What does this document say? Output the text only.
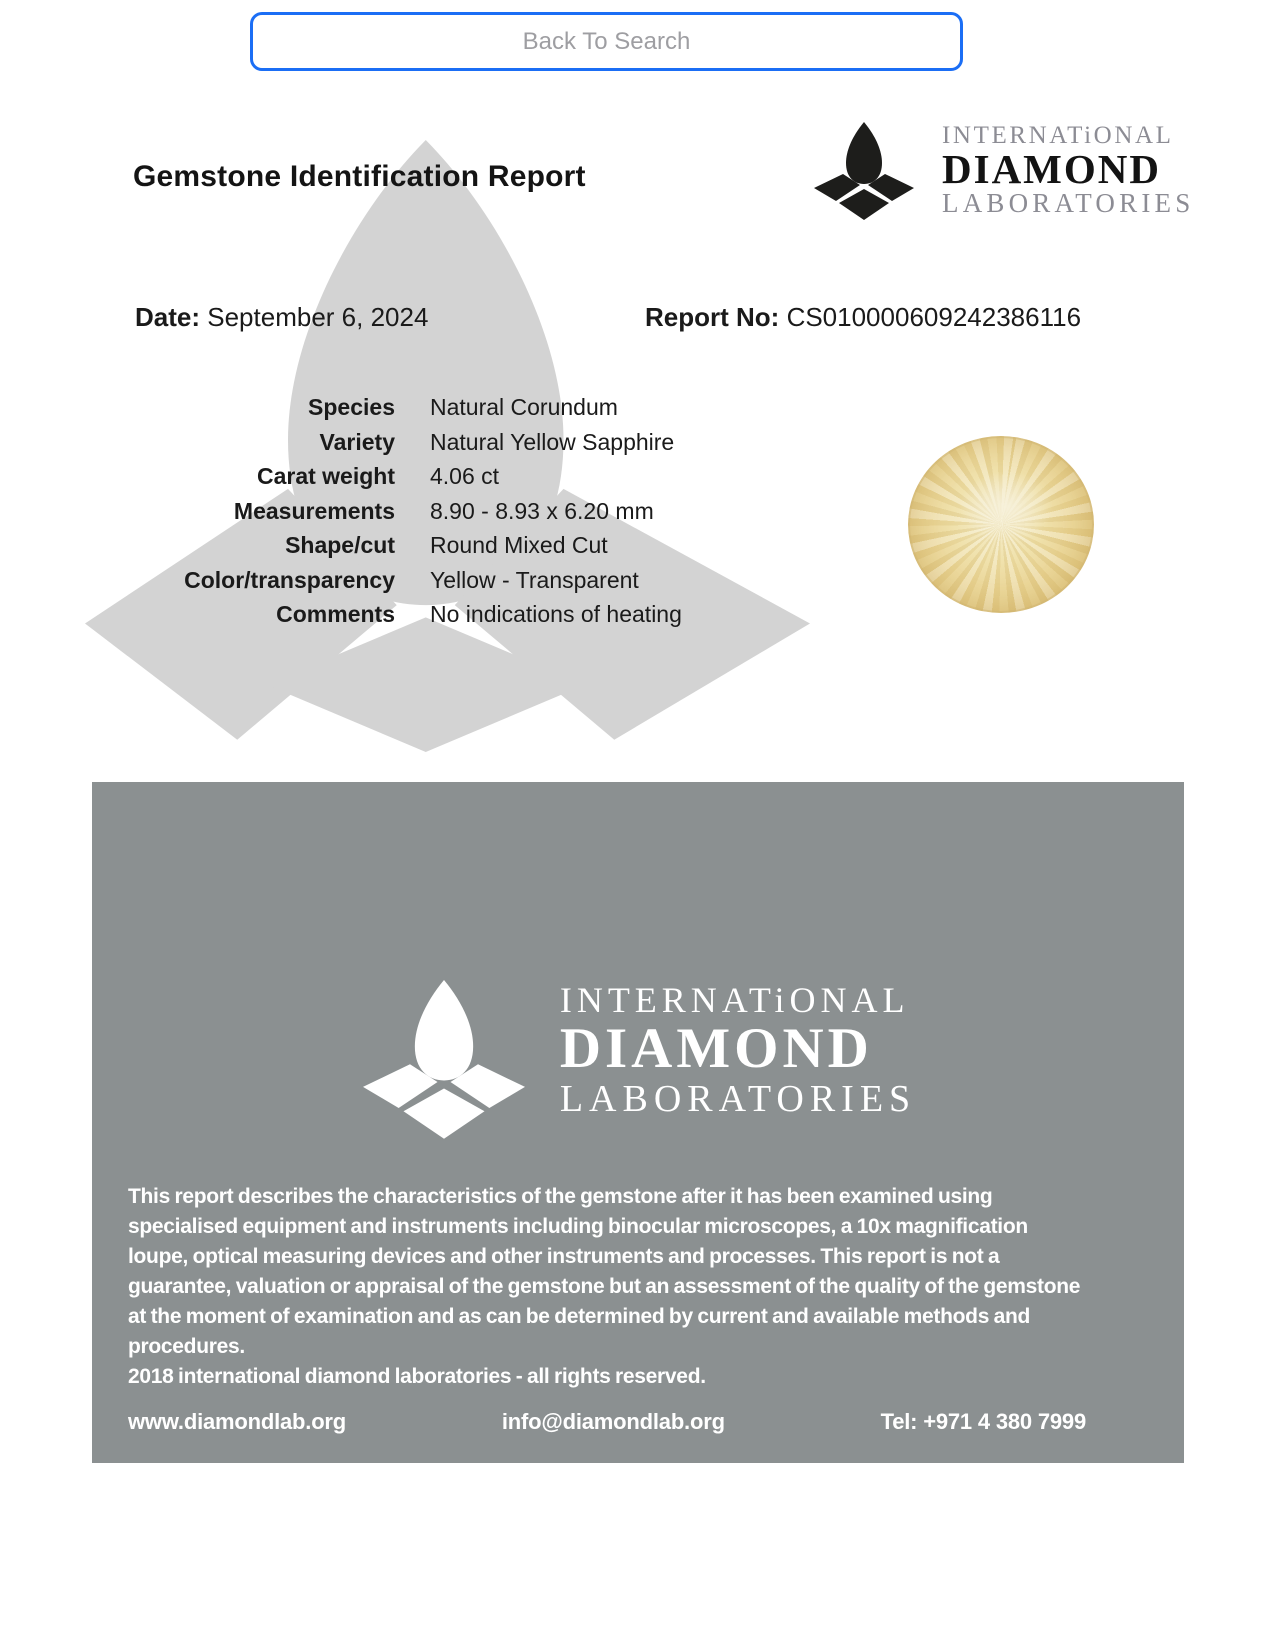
Back To Search
Gemstone Identification Report
INTERNATiONAL
DIAMOND
LABORATORIES
Date: September 6, 2024	Report No: CS010000609242386116
Species Natural Corundum
Variety Natural Yellow Sapphire
Carat weight 4.06 ct
Measurements 8.90 - 8.93 x 6.20 mm
Shape/cut Round Mixed Cut
Color/transparency Yellow - Transparent
Comments No indications of heating
INTERNATiONAL
DIAMOND
LABORATORIES

This report describes the characteristics of the gemstone after it has been examined using specialised equipment and instruments including binocular microscopes, a 10x magnification loupe, optical measuring devices and other instruments and processes. This report is not a guarantee, valuation or appraisal of the gemstone but an assessment of the quality of the gemstone at the moment of examination and as can be determined by current and available methods and procedures.

2018 international diamond laboratories - all rights reserved.

www.diamondlab.org	info@diamondlab.org	Tel: +971 4 380 7999
